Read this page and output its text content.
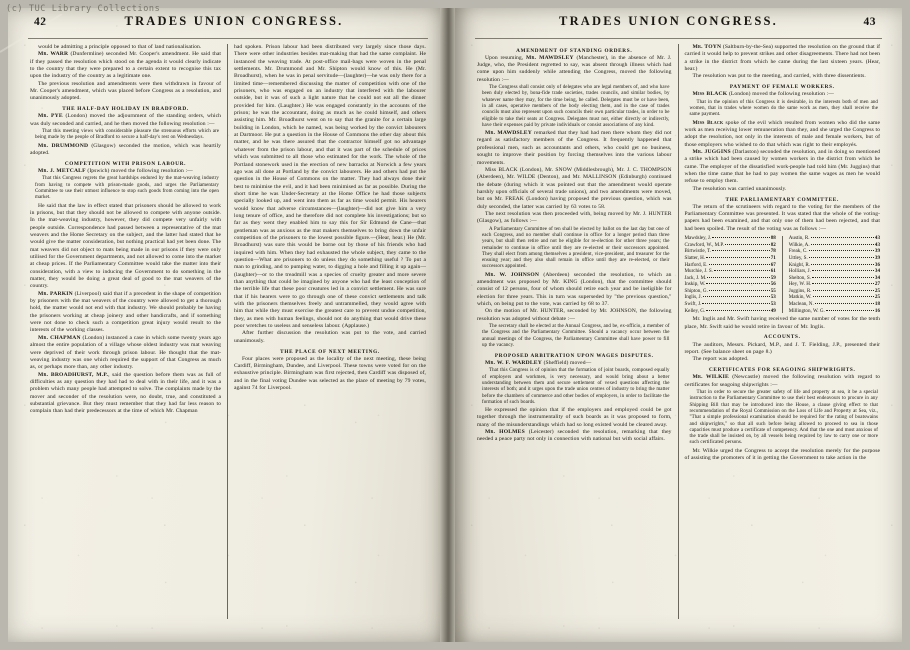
42	TRADES UNION CONGRESS.

would be admitting a principle opposed to that of land nationalisation.

Mr. WARR (Dunfermline) seconded Mr. Cooper's amendment. He said that if they passed the resolution which stood on the agenda it would clearly indicate to the country that they were prepared to a certain extent to recognise this tax upon the industry of the country as a legitimate one.

The previous resolution and amendments were then withdrawn in favour of Mr. Cooper's amendment, which was placed before Congress as a resolution, and unanimously adopted.

THE HALF-DAY HOLIDAY IN BRADFORD.

Mr. PYE (London) moved the adjournment of the standing orders, which was duly seconded and carried, and he then moved the following resolution :—

That this meeting views with considerable pleasure the strenuous efforts which are being made by the people of Bradford to secure a half-day's rest on Wednesdays.

Mr. DRUMMOND (Glasgow) seconded the motion, which was heartily adopted.

COMPETITION WITH PRISON LABOUR.

Mr. J. METCALF (Ipswich) moved the following resolution :—

That this Congress regrets the great hardships endured by the mat-weaving industry from having to compete with prison-made goods, and urges the Parliamentary Committee to use their utmost influence to stop such goods from coming into the open market.

He said that the law in effect stated that prisoners should be allowed to work in prisons, but that they should not be allowed to compete with anyone outside. In the mat-weaving industry, however, they did compete very unfairly with people outside. Correspondence had passed between a representative of the mat weavers and the Home Secretary on the subject, and the latter had stated that he would give the matter consideration, but nothing practical had yet been done. The mat weavers did not object to mats being made in our prisons if they were only utilised for the Government departments, and not allowed to come into the market at cheap prices. If the Parliamentary Committee would take the matter into their consideration, with a view to inducing the Government to do something in the matter, they would be doing a great deal of good to the mat weavers of the country.

Mr. PARKIN (Liverpool) said that if a precedent in the shape of competition by prisoners with the mat weavers of the country were allowed to get a thorough hold, the matter would not end with that industry. We should probably be having the prisoners working at cheap joinery and other handicrafts, and if something were not done to check such a competition great injury would result to the interests of the working classes.

Mr. CHAPMAN (London) instanced a case in which some twenty years ago almost the entire population of a village whose oldest industry was mat weaving were deprived of their work through prison labour. He thought that the mat-weaving industry was one which required the support of that Congress as much as, or perhaps more than, any other industry.

Mr. BROADHURST, M.P., said the question before them was as full of difficulties as any question they had had to deal with in their life, and it was a problem which many people had attempted to solve. The complaints made by the mover and seconder of the resolution were, no doubt, true, and constituted a substantial grievance. But they must remember that they had far less reason to complain than had their predecessors at the time of which Mr. Chapman

had spoken. Prison labour had been distributed very largely since those days. There were other industries besides mat-making that had the same complaint. He instanced the weaving trade. At post-office mail-bags were woven in the penal settlements. Mr. Drummond and Mr. Shipton would know of this. He (Mr. Broadhurst), when he was in penal servitude—(laughter)—he was only there for a limited time—remembered discussing the matter of competition with one of the prisoners, who was engaged on an industry that interfered with the labourer outside, but it was of such a light nature that he could not eat all the dinner provided for him. (Laughter.) He was engaged constantly in the accounts of the prison; he was the accountant, doing as much as he could himself, and others assisting him. Mr. Broadhurst went on to say that the granite for a certain large building in London, which he named, was being worked by the convict labourers at Dartmoor. He put a question in the House of Commons the other day about this matter, and he was there assured that the contractor himself got no advantage whatever from the prison labour, and that it was part of the schedule of prices which was submitted to all those who estimated for the work. The whole of the Portland stonework used in the erection of new barracks at Norwich a few years ago was all done at Portland by the convict labourers. He and others had put the question in the House of Commons on the matter. They had always done their best to minimise the evil, and it had been minimised as far as possible. During the short time he was Under-Secretary at the Home Office he had those subjects specially looked up, and went into them as far as time would permit. His hearers would know that adverse circumstances—(laughter)—did not give him a very long tenure of office, and he therefore did not complete his investigations; but so far as they went they enabled him to say this for Sir Edmund de Cane—that gentleman was as anxious as the mat makers themselves to bring down the unfair competition of the prisoners to the lowest possible figure.—(Hear, hear.) He (Mr. Broadhurst) was sure this would be borne out by those of his friends who had inquired with him. When they had exhausted the whole subject, they came to the question—What are prisoners to do unless they do something useful ? To put a man to grinding, and to pumping water, to digging a hole and filling it up again—(laughter)—or to the treadmill was a species of cruelty greater and more severe than anything that could be imagined by anyone who had the least conception of the terrible life that these poor creatures led in a convict settlement. He was sure that if his hearers were to go through one of these convict settlements and talk with the prisoners themselves freely and untrammelled, they would agree with him that while they must exercise the greatest care to prevent undue competition, they, as men with human feelings, should not do anything that would drive these poor wretches to useless and senseless labour. (Applause.)

After further discussion the resolution was put to the vote, and carried unanimously.

THE PLACE OF NEXT MEETING.

Four places were proposed as the locality of the next meeting, these being Cardiff, Birmingham, Dundee, and Liverpool. These towns were voted for on the exhaustive principle. Birmingham was first rejected, then Cardiff was disposed of, and in the final voting Dundee was selected as the place of meeting by 79 votes, against 74 for Liverpool.

43
TRADES UNION CONGRESS.
AMENDMENT OF STANDING ORDERS.

Upon resuming, Mr. MAWDSLEY (Manchester), in the absence of Mr. J. Judge, who, the President regretted to say, was absent through illness which had come upon him suddenly while attending the Congress, moved the following resolution :—

The Congress shall consist only of delegates who are legal members of, and who have been duly elected by, bona-fide trade societies, trades councils, and similar bodies, by whatever name they may, for the time being, be called. Delegates must be or have been, in all cases, operative members of the body electing them, and in the case of trades councils must also represent upon such councils their own particular trades, in order to be eligible to take their seats at Congress. Delegates must not, either directly or indirectly, have their expenses paid by private individuals or consist associations of any kind.

Mr. MAWDSLEY remarked that they had had men there whom they did not regard as satisfactory members of the Congress. It frequently happened that professional men, such as accountants and others, who could get no business, sought to improve their position by forcing themselves into the various labour movements.

Miss BLACK (London), Mr. SNOW (Middlesbrough), Mr. J. C. THOMPSON (Aberdeen), Mr. WILDE (Denton), and Mr. MALLINSON (Edinburgh) continued the debate (during which it was pointed out that the amendment would operate harshly upon officials of several trade unions), and two amendments were moved, but on Mr. FREAK (London) having proposed the previous question, which was duly seconded, the latter was carried by 63 votes to 58.

The next resolution was then proceeded with, being moved by Mr. J. HUNTER (Glasgow), as follows :—

A Parliamentary Committee of ten shall be elected by ballot on the last day but one of each Congress, and no member shall continue in office for a longer period than three years, but shall then retire and not be eligible for re-election for other three years; the remainder to continue in office until they are re-elected or their successors appointed. They shall elect from among themselves a president, vice-president, and treasurer for the ensuing year; and they also shall remain in office until they are re-elected, or their successors appointed.

Mr. W. JOHNSON (Aberdeen) seconded the resolution, to which an amendment was proposed by Mr. KING (London), that the committee should consist of 12 persons, four of whom should retire each year and be ineligible for election for three years. This in turn was superseded by "the previous question," which, on being put to the vote, was carried by 68 to 37.

On the motion of Mr. HUNTER, seconded by Mr. JOHNSON, the following resolution was adopted without debate :—

The secretary shall be elected at the Annual Congress, and be, ex-officio, a member of the Congress and the Parliamentary Committee. Should a vacancy occur between the annual meetings of the Congress, the Parliamentary Committee shall have power to fill up the vacancy.

PROPOSED ARBITRATION UPON WAGES DISPUTES.

Mr. W. F. WARDLEY (Sheffield) moved—

That this Congress is of opinion that the formation of joint boards, composed equally of employers and workmen, is very necessary, and would bring about a better understanding between them and secure settlement of vexed questions affecting the interests of both; and it urges upon the trade union centres of industry to bring the matter before the chambers of commerce and other bodies of employers, in order to facilitate the formation of such boards.

He expressed the opinion that if the employers and employed could be got together through the instrumentality of such boards as it was proposed to form, many of the misunderstandings which had so long existed would be cleared away.

Mr. HOLMES (Leicester) seconded the resolution, remarking that they needed a peace party not only in connection with national but with social affairs.

Mr. TOYN (Saltburn-by-the-Sea) supported the resolution on the ground that if carried it would help to prevent strikes and other disagreements. There had not been a strike in the district from which he came during the last sixteen years. (Hear, hear.)

The resolution was put to the meeting, and carried, with three dissentients.

PAYMENT OF FEMALE WORKERS.

Miss BLACK (London) moved the following resolution :—

That in the opinion of this Congress it is desirable, in the interests both of men and women, that in trades where women do the same work as men, they shall receive the same payment.

Miss Black spoke of the evil which resulted from women who did the same work as men receiving lower remuneration than they, and she urged the Congress to adopt the resolution, not only in the interests of male and female workers, but of those employers who wished to do that which was right to their employés.

Mr. JUGGINS (Darlaston) seconded the resolution, and in doing so mentioned a strike which had been caused by women workers in the district from which he came. The employer of the dissatisfied work-people had told him (Mr. Juggins) that when the time came that he had to pay women the same wages as men he would refuse to employ them.

The resolution was carried unanimously.

THE PARLIAMENTARY COMMITTEE.

The return of the scrutineers with regard to the voting for the members of the Parliamentary Committee was presented. It was stated that the whole of the voting-papers had been examined, and that only one of them had been rejected, and that had been spoiled. The result of the voting was as follows :—

Mawdsley, J.	88
Crawford, W., M.P.	82
Birtwistle, T.	78
Slatter, H.	71
Harford, E.	67
Murchie, J. S.	61
Jack, J. M.	59
Inskip, W.	56
Shipton, G.	55
Inglis, J.	53
Swift, J.	53
Kelley, G.	49
Austin, R.	43
Wilkie, A.	43
Freak, C.	39
Uttley, S.	39
Knight, R.	36
Holliars, J.	34
Shelton, S.	34
Hey, W. H.	27
Juggins, R.	25
Matkin, W.	25
Maclean, N.	18
Millington, W. G.	16

Mr. Inglis and Mr. Swift having received the same number of votes for the tenth place, Mr. Swift said he would retire in favour of Mr. Inglis.

ACCOUNTS.

The auditors, Messrs. Pickard, M.P., and J. T. Fielding, J.P., presented their report. (See balance sheet on page 8.)

The report was adopted.

CERTIFICATES FOR SEAGOING SHIPWRIGHTS.

Mr. WILKIE (Newcastle) moved the following resolution with regard to certificates for seagoing shipwrights :—

That in order to secure the greater safety of life and property at sea, it be a special instruction to the Parliamentary Committee to use their best endeavours to procure in any Shipping Bill that may be introduced into the House, a clause giving effect to that recommendation of the Royal Commission on the Loss of Life and Property at Sea, viz., "That a simple professional examination should be required for the rating of boatswains and shipwrights," so that all such before being allowed to proceed to sea in those capacities must produce a certificate of competency. And that the one and most anxious of the trade shall be insisted on, by all vessels being required by law to carry one or more such certificated persons.

Mr. Wilkie urged the Congress to accept the resolution merely for the purpose of assisting the promoters of it in getting the Government to take action in the

(c) TUC Library Collections
